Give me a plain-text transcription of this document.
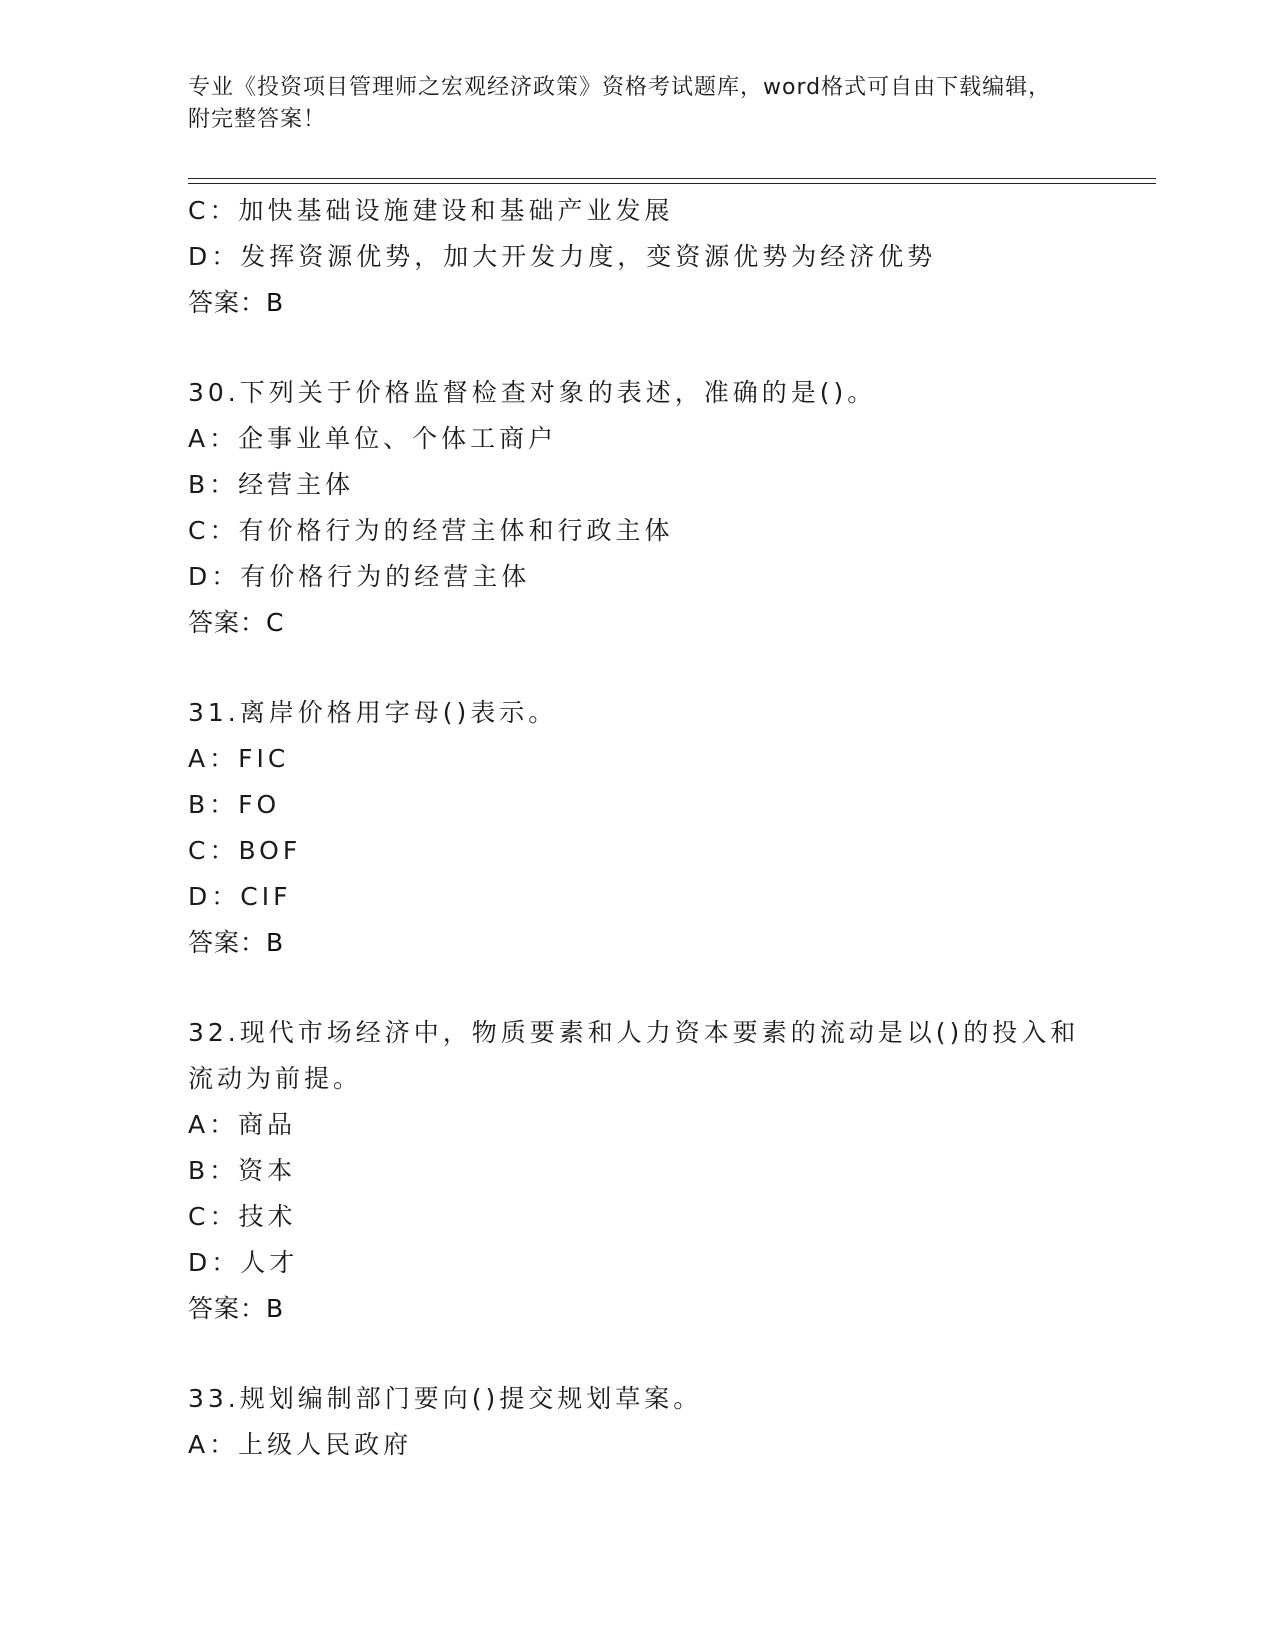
专业《投资项目管理师之宏观经济政策》资格考试题库，word格式可自由下载编辑，附完整答案！
C：加快基础设施建设和基础产业发展
D：发挥资源优势，加大开发力度，变资源优势为经济优势
答案：B
30.下列关于价格监督检查对象的表述，准确的是()。
A：企事业单位、个体工商户
B：经营主体
C：有价格行为的经营主体和行政主体
D：有价格行为的经营主体
答案：C
31.离岸价格用字母()表示。
A：FIC
B：FO
C：BOF
D：CIF
答案：B
32.现代市场经济中，物质要素和人力资本要素的流动是以()的投入和流动为前提。
A：商品
B：资本
C：技术
D：人才
答案：B
33.规划编制部门要向()提交规划草案。
A：上级人民政府
